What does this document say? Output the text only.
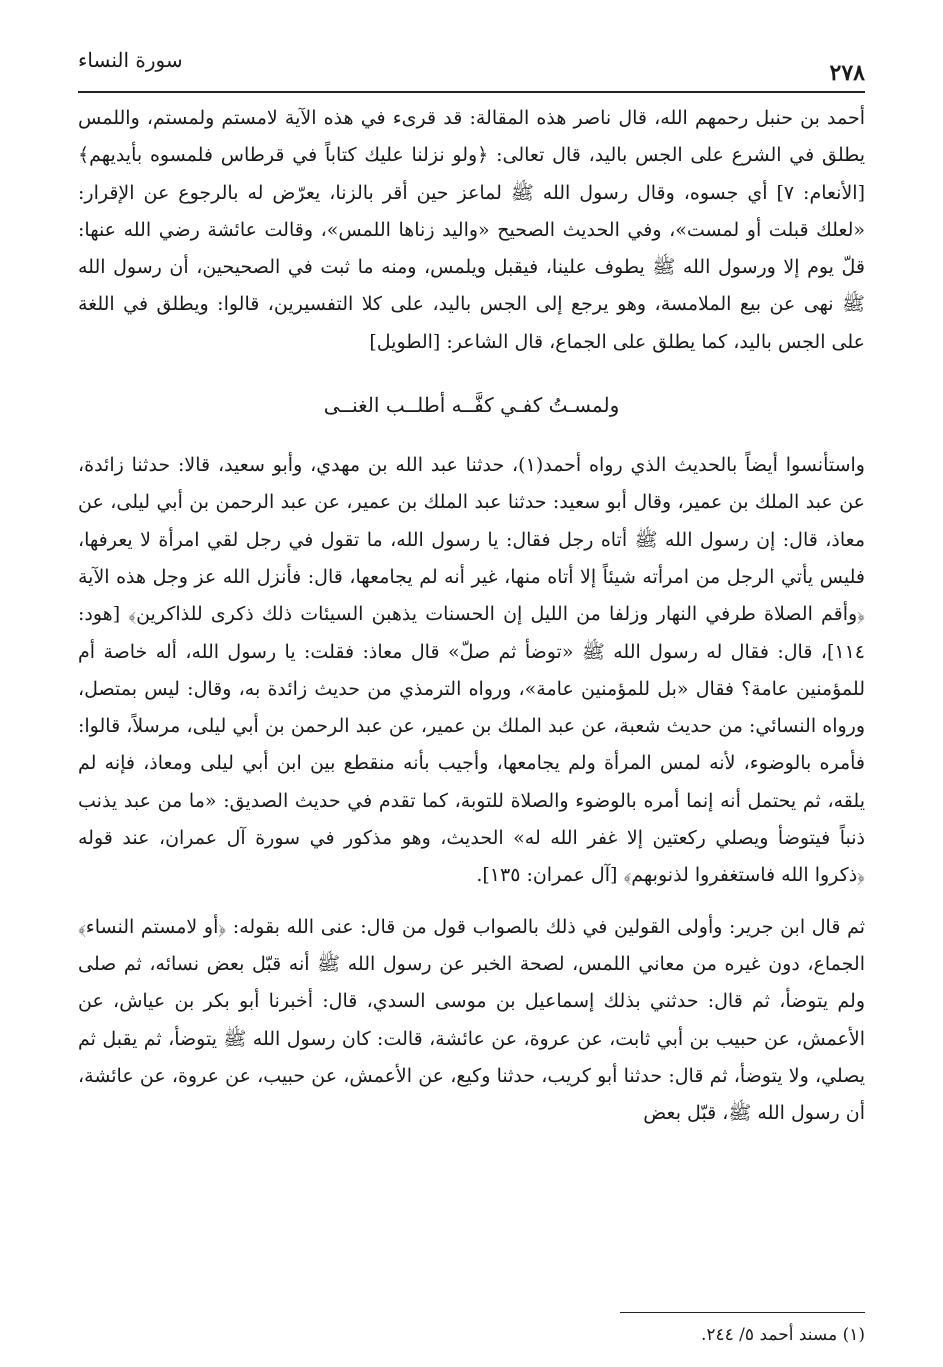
٢٧٨
سورة النساء

أحمد بن حنبل رحمهم الله، قال ناصر هذه المقالة: قد قرىء في هذه الآية لامستم ولمستم، واللمس يطلق في الشرع على الجس باليد، قال تعالى: ﴿ولو نزلنا عليك كتاباً في قرطاس فلمسوه بأيديهم﴾ [الأنعام: ٧] أي جسوه، وقال رسول الله ﷺ لماعز حين أقر بالزنا، يعرّض له بالرجوع عن الإقرار: «لعلك قبلت أو لمست»، وفي الحديث الصحيح «واليد زناها اللمس»، وقالت عائشة رضي الله عنها: قلّ يوم إلا ورسول الله ﷺ يطوف علينا، فيقبل ويلمس، ومنه ما ثبت في الصحيحين، أن رسول الله ﷺ نهى عن بيع الملامسة، وهو يرجع إلى الجس باليد، على كلا التفسيرين، قالوا: ويطلق في اللغة على الجس باليد، كما يطلق على الجماع، قال الشاعر: [الطويل]

ولمسـتُ كفـي كفَّــه أطلــب الغنــى

واستأنسوا أيضاً بالحديث الذي رواه أحمد(١)، حدثنا عبد الله بن مهدي، وأبو سعيد، قالا: حدثنا زائدة، عن عبد الملك بن عمير، وقال أبو سعيد: حدثنا عبد الملك بن عمير، عن عبد الرحمن بن أبي ليلى، عن معاذ، قال: إن رسول الله ﷺ أتاه رجل فقال: يا رسول الله، ما تقول في رجل لقي امرأة لا يعرفها، فليس يأتي الرجل من امرأته شيئاً إلا أتاه منها، غير أنه لم يجامعها، قال: فأنزل الله عز وجل هذه الآية ﴿وأقم الصلاة طرفي النهار وزلفا من الليل إن الحسنات يذهبن السيئات ذلك ذكرى للذاكرين﴾ [هود: ١١٤]، قال: فقال له رسول الله ﷺ «توضأ ثم صلّ» قال معاذ: فقلت: يا رسول الله، أله خاصة أم للمؤمنين عامة؟ فقال «بل للمؤمنين عامة»، ورواه الترمذي من حديث زائدة به، وقال: ليس بمتصل، ورواه النسائي: من حديث شعبة، عن عبد الملك بن عمير، عن عبد الرحمن بن أبي ليلى، مرسلاً، قالوا: فأمره بالوضوء، لأنه لمس المرأة ولم يجامعها، وأجيب بأنه منقطع بين ابن أبي ليلى ومعاذ، فإنه لم يلقه، ثم يحتمل أنه إنما أمره بالوضوء والصلاة للتوبة، كما تقدم في حديث الصديق: «ما من عبد يذنب ذنباً فيتوضأ ويصلي ركعتين إلا غفر الله له» الحديث، وهو مذكور في سورة آل عمران، عند قوله ﴿ذكروا الله فاستغفروا لذنوبهم﴾ [آل عمران: ١٣٥].

ثم قال ابن جرير: وأولى القولين في ذلك بالصواب قول من قال: عنى الله بقوله: ﴿أو لامستم النساء﴾ الجماع، دون غيره من معاني اللمس، لصحة الخبر عن رسول الله ﷺ أنه قبّل بعض نسائه، ثم صلى ولم يتوضأ، ثم قال: حدثني بذلك إسماعيل بن موسى السدي، قال: أخبرنا أبو بكر بن عياش، عن الأعمش، عن حبيب بن أبي ثابت، عن عروة، عن عائشة، قالت: كان رسول الله ﷺ يتوضأ، ثم يقبل ثم يصلي، ولا يتوضأ، ثم قال: حدثنا أبو كريب، حدثنا وكيع، عن الأعمش، عن حبيب، عن عروة، عن عائشة، أن رسول الله ﷺ، قبّل بعض

(١) مسند أحمد ٥/ ٢٤٤.
